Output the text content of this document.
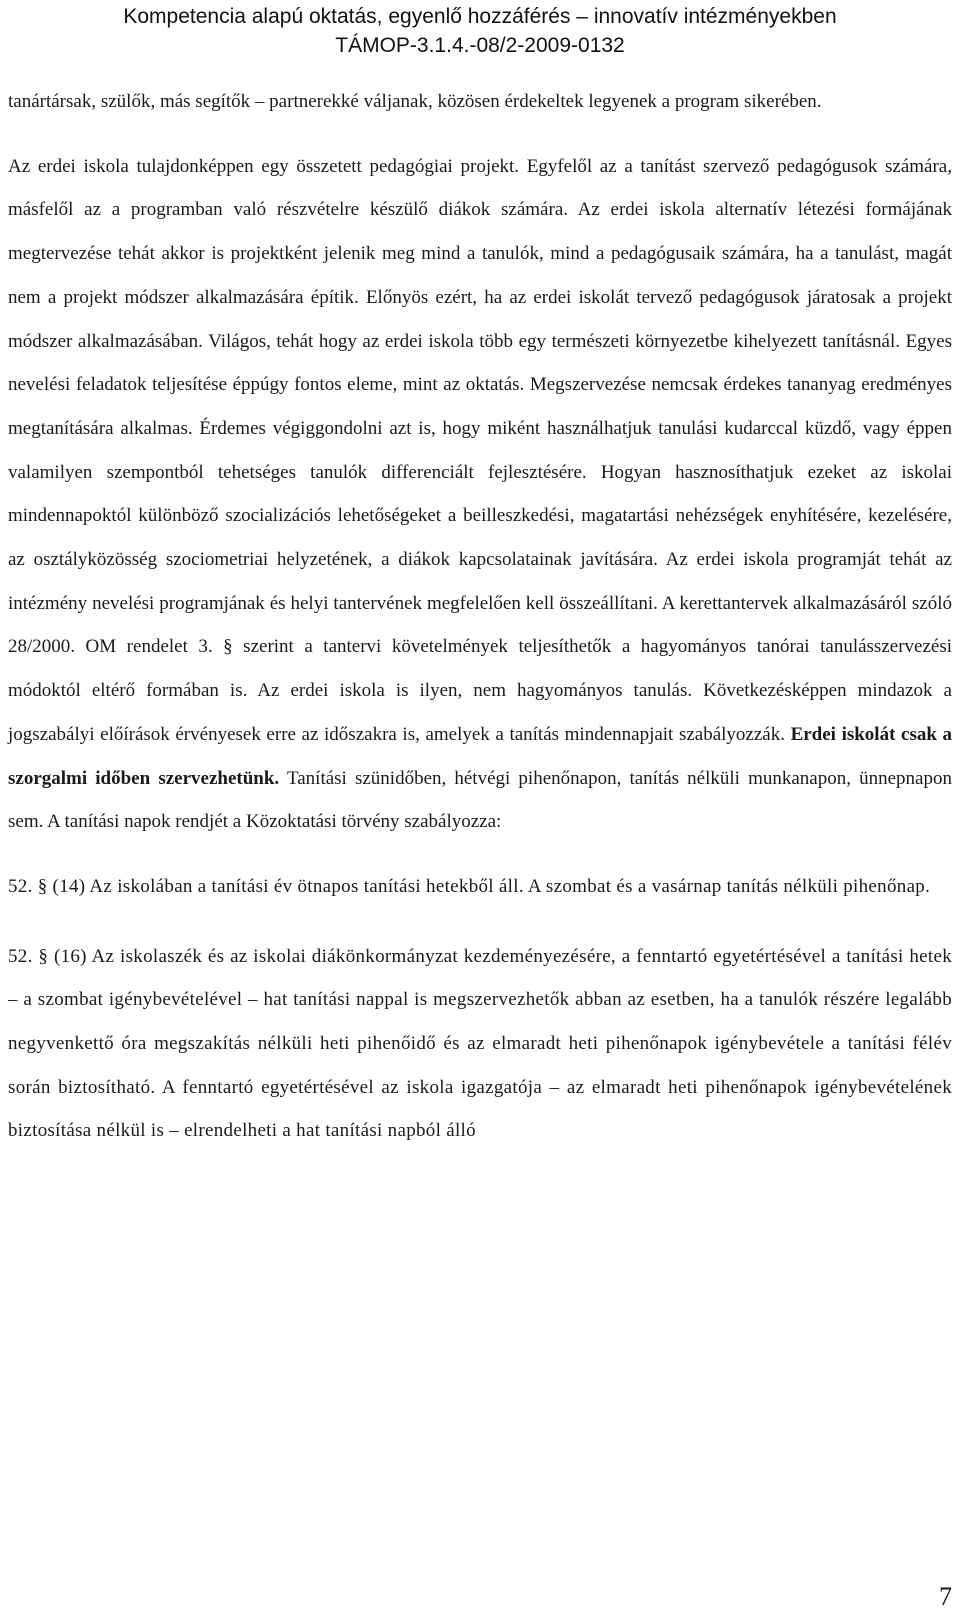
Kompetencia alapú oktatás, egyenlő hozzáférés – innovatív intézményekben
TÁMOP-3.1.4.-08/2-2009-0132

tanártársak, szülők, más segítők – partnerekké váljanak, közösen érdekeltek legyenek a program sikerében.

Az erdei iskola tulajdonképpen egy összetett pedagógiai projekt. Egyfelől az a tanítást szervező pedagógusok számára, másfelől az a programban való részvételre készülő diákok számára. Az erdei iskola alternatív létezési formájának megtervezése tehát akkor is projektként jelenik meg mind a tanulók, mind a pedagógusaik számára, ha a tanulást, magát nem a projekt módszer alkalmazására építik. Előnyös ezért, ha az erdei iskolát tervező pedagógusok járatosak a projekt módszer alkalmazásában. Világos, tehát hogy az erdei iskola több egy természeti környezetbe kihelyezett tanításnál. Egyes nevelési feladatok teljesítése éppúgy fontos eleme, mint az oktatás. Megszervezése nemcsak érdekes tananyag eredményes megtanítására alkalmas. Érdemes végiggondolni azt is, hogy miként használhatjuk tanulási kudarccal küzdő, vagy éppen valamilyen szempontból tehetséges tanulók differenciált fejlesztésére. Hogyan hasznosíthatjuk ezeket az iskolai mindennapoktól különböző szocializációs lehetőségeket a beilleszkedési, magatartási nehézségek enyhítésére, kezelésére, az osztályközösség szociometriai helyzetének, a diákok kapcsolatainak javítására. Az erdei iskola programját tehát az intézmény nevelési programjának és helyi tantervének megfelelően kell összeállítani. A kerettantervek alkalmazásáról szóló 28/2000. OM rendelet 3. § szerint a tantervi követelmények teljesíthetők a hagyományos tanórai tanulásszervezési módoktól eltérő formában is. Az erdei iskola is ilyen, nem hagyományos tanulás. Következésképpen mindazok a jogszabályi előírások érvényesek erre az időszakra is, amelyek a tanítás mindennapjait szabályozzák. Erdei iskolát csak a szorgalmi időben szervezhetünk. Tanítási szünidőben, hétvégi pihenőnapon, tanítás nélküli munkanapon, ünnepnapon sem. A tanítási napok rendjét a Közoktatási törvény szabályozza:

52. § (14) Az iskolában a tanítási év ötnapos tanítási hetekből áll. A szombat és a vasárnap tanítás nélküli pihenőnap.

52. § (16) Az iskolaszék és az iskolai diákönkormányzat kezdeményezésére, a fenntartó egyetértésével a tanítási hetek – a szombat igénybevételével – hat tanítási nappal is megszervezhetők abban az esetben, ha a tanulók részére legalább negyvenkettő óra megszakítás nélküli heti pihenőidő és az elmaradt heti pihenőnapok igénybevétele a tanítási félév során biztosítható. A fenntartó egyetértésével az iskola igazgatója – az elmaradt heti pihenőnapok igénybevételének biztosítása nélkül is – elrendelheti a hat tanítási napból álló

7
